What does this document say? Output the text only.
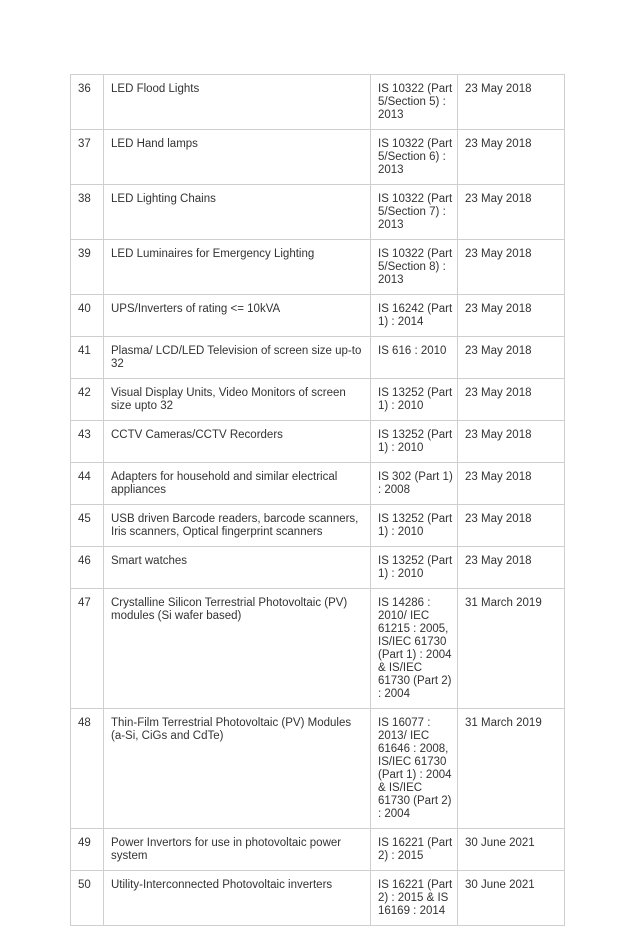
36	LED Flood Lights	IS 10322 (Part 5/Section 5) : 2013	23 May 2018
37	LED Hand lamps	IS 10322 (Part 5/Section 6) : 2013	23 May 2018
38	LED Lighting Chains	IS 10322 (Part 5/Section 7) : 2013	23 May 2018
39	LED Luminaires for Emergency Lighting	IS 10322 (Part 5/Section 8) : 2013	23 May 2018
40	UPS/Inverters of rating <= 10kVA	IS 16242 (Part 1) : 2014	23 May 2018
41	Plasma/ LCD/LED Television of screen size up-to 32	IS 616 : 2010	23 May 2018
42	Visual Display Units, Video Monitors of screen size upto 32	IS 13252 (Part 1) : 2010	23 May 2018
43	CCTV Cameras/CCTV Recorders	IS 13252 (Part 1) : 2010	23 May 2018
44	Adapters for household and similar electrical appliances	IS 302 (Part 1) : 2008	23 May 2018
45	USB driven Barcode readers, barcode scanners, Iris scanners, Optical fingerprint scanners	IS 13252 (Part 1) : 2010	23 May 2018
46	Smart watches	IS 13252 (Part 1) : 2010	23 May 2018
47	Crystalline Silicon Terrestrial Photovoltaic (PV) modules (Si wafer based)	IS 14286 : 2010/ IEC 61215 : 2005, IS/IEC 61730 (Part 1) : 2004 & IS/IEC 61730 (Part 2) : 2004	31 March 2019
48	Thin-Film Terrestrial Photovoltaic (PV) Modules (a-Si, CiGs and CdTe)	IS 16077 : 2013/ IEC 61646 : 2008, IS/IEC 61730 (Part 1) : 2004 & IS/IEC 61730 (Part 2) : 2004	31 March 2019
49	Power Invertors for use in photovoltaic power system	IS 16221 (Part 2) : 2015	30 June 2021
50	Utility-Interconnected Photovoltaic inverters	IS 16221 (Part 2) : 2015 & IS 16169 : 2014	30 June 2021
